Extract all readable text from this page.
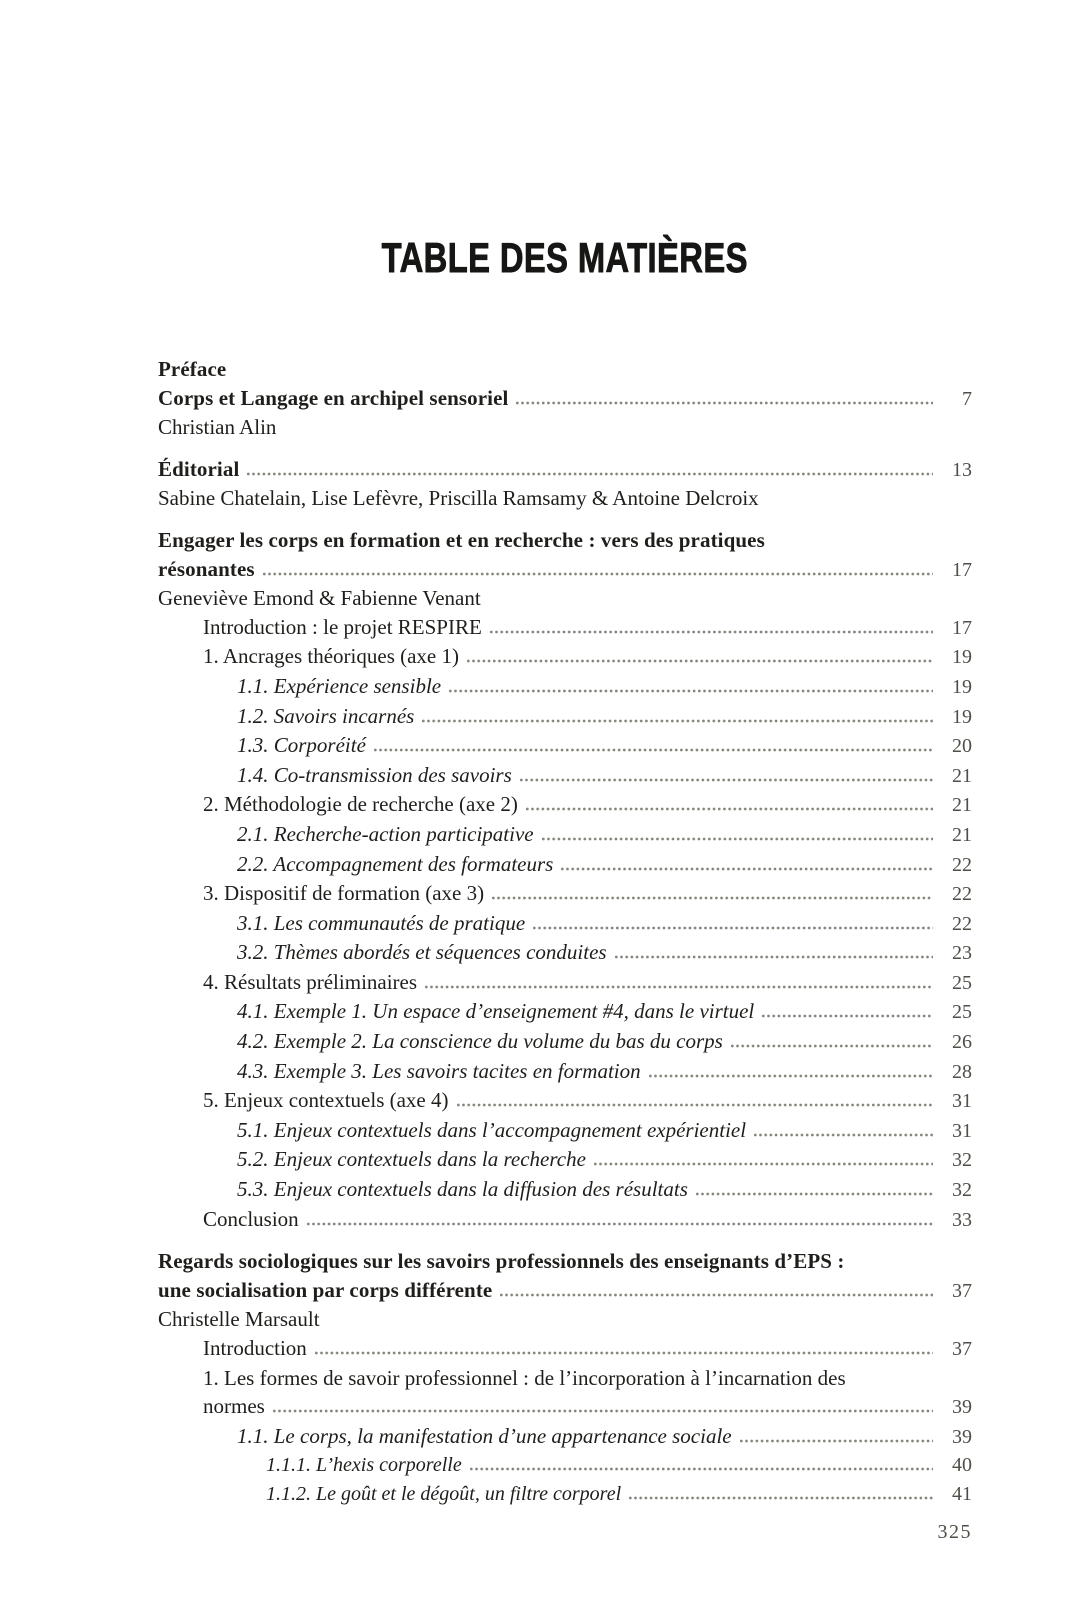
TABLE DES MATIÈRES
Préface
Corps et Langage en archipel sensoriel	7
Christian Alin
Éditorial	13
Sabine Chatelain, Lise Lefèvre, Priscilla Ramsamy & Antoine Delcroix
Engager les corps en formation et en recherche : vers des pratiques
résonantes	17
Geneviève Emond & Fabienne Venant
Introduction : le projet RESPIRE	17
1. Ancrages théoriques (axe 1)	19
1.1. Expérience sensible	19
1.2. Savoirs incarnés	19
1.3. Corporéité	20
1.4. Co-transmission des savoirs	21
2. Méthodologie de recherche (axe 2)	21
2.1. Recherche-action participative	21
2.2. Accompagnement des formateurs	22
3. Dispositif de formation (axe 3)	22
3.1. Les communautés de pratique	22
3.2. Thèmes abordés et séquences conduites	23
4. Résultats préliminaires	25
4.1. Exemple 1. Un espace d’enseignement #4, dans le virtuel	25
4.2. Exemple 2. La conscience du volume du bas du corps	26
4.3. Exemple 3. Les savoirs tacites en formation	28
5. Enjeux contextuels (axe 4)	31
5.1. Enjeux contextuels dans l’accompagnement expérientiel	31
5.2. Enjeux contextuels dans la recherche	32
5.3. Enjeux contextuels dans la diffusion des résultats	32
Conclusion	33
Regards sociologiques sur les savoirs professionnels des enseignants d’EPS :
une socialisation par corps différente	37
Christelle Marsault
Introduction	37
1. Les formes de savoir professionnel : de l’incorporation à l’incarnation des
normes	39
1.1. Le corps, la manifestation d’une appartenance sociale	39
1.1.1. L’hexis corporelle	40
1.1.2. Le goût et le dégoût, un filtre corporel	41
325
